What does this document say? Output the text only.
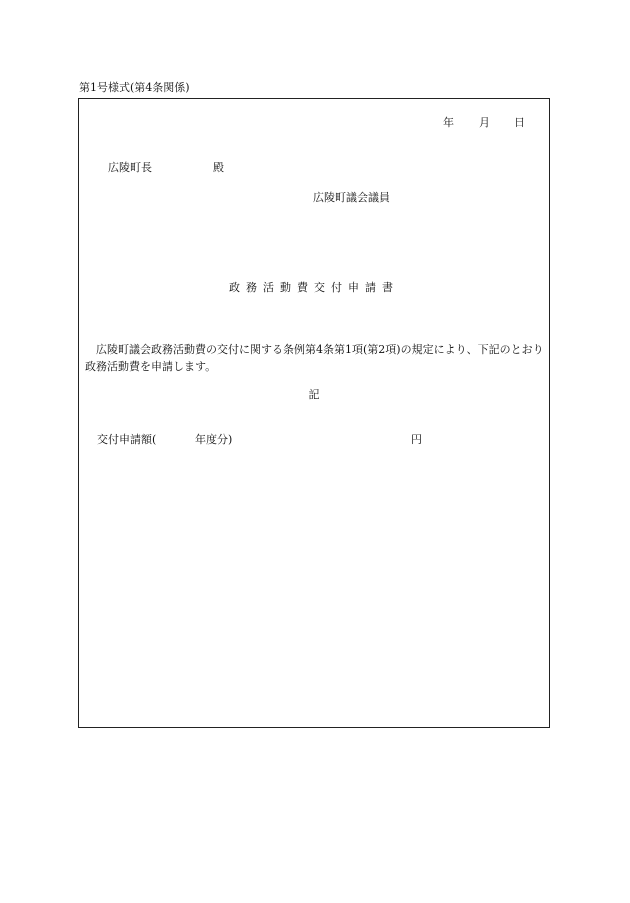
第1号様式(第4条関係)
年 月 日
広陵町長	殿
広陵町議会議員
政務活動費交付申請書
広陵町議会政務活動費の交付に関する条例第4条第1項(第2項)の規定により、下記のとおり政務活動費を申請します。
記
交付申請額(	年度分)	円
